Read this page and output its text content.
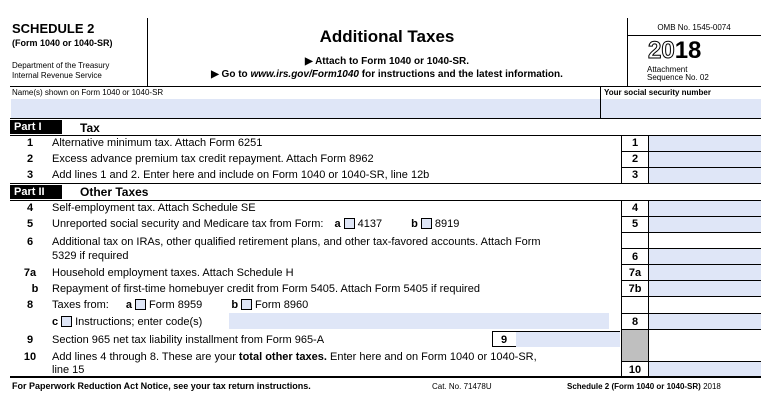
SCHEDULE 2
(Form 1040 or 1040-SR)
Department of the Treasury
Internal Revenue Service
Additional Taxes
▶ Attach to Form 1040 or 1040-SR.
▶ Go to www.irs.gov/Form1040 for instructions and the latest information.
OMB No. 1545-0074
2018
Attachment
Sequence No. 02
Name(s) shown on Form 1040 or 1040-SR	Your social security number
Part I	Tax
1	Alternative minimum tax. Attach Form 6251	1
2	Excess advance premium tax credit repayment. Attach Form 8962	2
3	Add lines 1 and 2. Enter here and include on Form 1040 or 1040-SR, line 12b	3
Part II	Other Taxes
4	Self-employment tax. Attach Schedule SE	4
5	Unreported social security and Medicare tax from Form: a 4137	b 8919	5
6	Additional tax on IRAs, other qualified retirement plans, and other tax-favored accounts. Attach Form
5329 if required	6
7a	Household employment taxes. Attach Schedule H	7a
b	Repayment of first-time homebuyer credit from Form 5405. Attach Form 5405 if required	7b
8	Taxes from: a Form 8959	b Form 8960
c Instructions; enter code(s)	8
9	Section 965 net tax liability installment from Form 965-A	9
10	Add lines 4 through 8. These are your total other taxes. Enter here and on Form 1040 or 1040-SR,
line 15	10
For Paperwork Reduction Act Notice, see your tax return instructions.	Cat. No. 71478U	Schedule 2 (Form 1040 or 1040-SR) 2018
